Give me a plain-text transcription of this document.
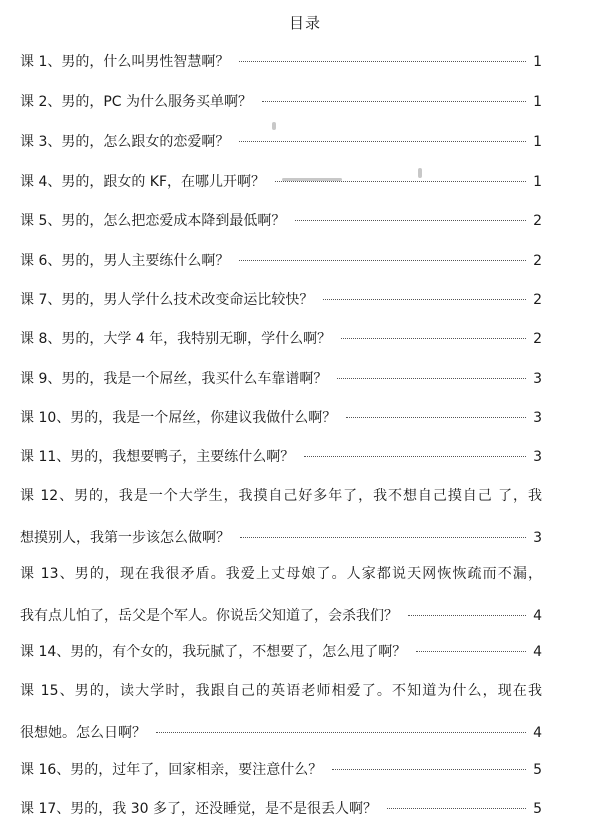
目录
课 1、男的，什么叫男性智慧啊？	1
课 2、男的，PC 为什么服务买单啊？	1
课 3、男的，怎么跟女的恋爱啊？	1
课 4、男的，跟女的 KF，在哪儿开啊？	1
课 5、男的，怎么把恋爱成本降到最低啊？	2
课 6、男的，男人主要练什么啊？	2
课 7、男的，男人学什么技术改变命运比较快？	2
课 8、男的，大学 4 年，我特别无聊，学什么啊？	2
课 9、男的，我是一个屌丝，我买什么车靠谱啊？	3
课 10、男的，我是一个屌丝，你建议我做什么啊？	3
课 11、男的，我想要鸭子，主要练什么啊？	3
课 12、男的，我是一个大学生，我摸自己好多年了，我不想自己摸自己 了，我
想摸别人，我第一步该怎么做啊？	3
课 13、男的，现在我很矛盾。我爱上丈母娘了。人家都说天网恢恢疏而不漏，
我有点儿怕了，岳父是个军人。你说岳父知道了，会杀我们？	4
课 14、男的，有个女的，我玩腻了，不想要了，怎么甩了啊？	4
课 15、男的，读大学时，我跟自己的英语老师相爱了。不知道为什么，现在我
很想她。怎么日啊？	4
课 16、男的，过年了，回家相亲，要注意什么？	5
课 17、男的，我 30 多了，还没睡觉，是不是很丢人啊？	5
